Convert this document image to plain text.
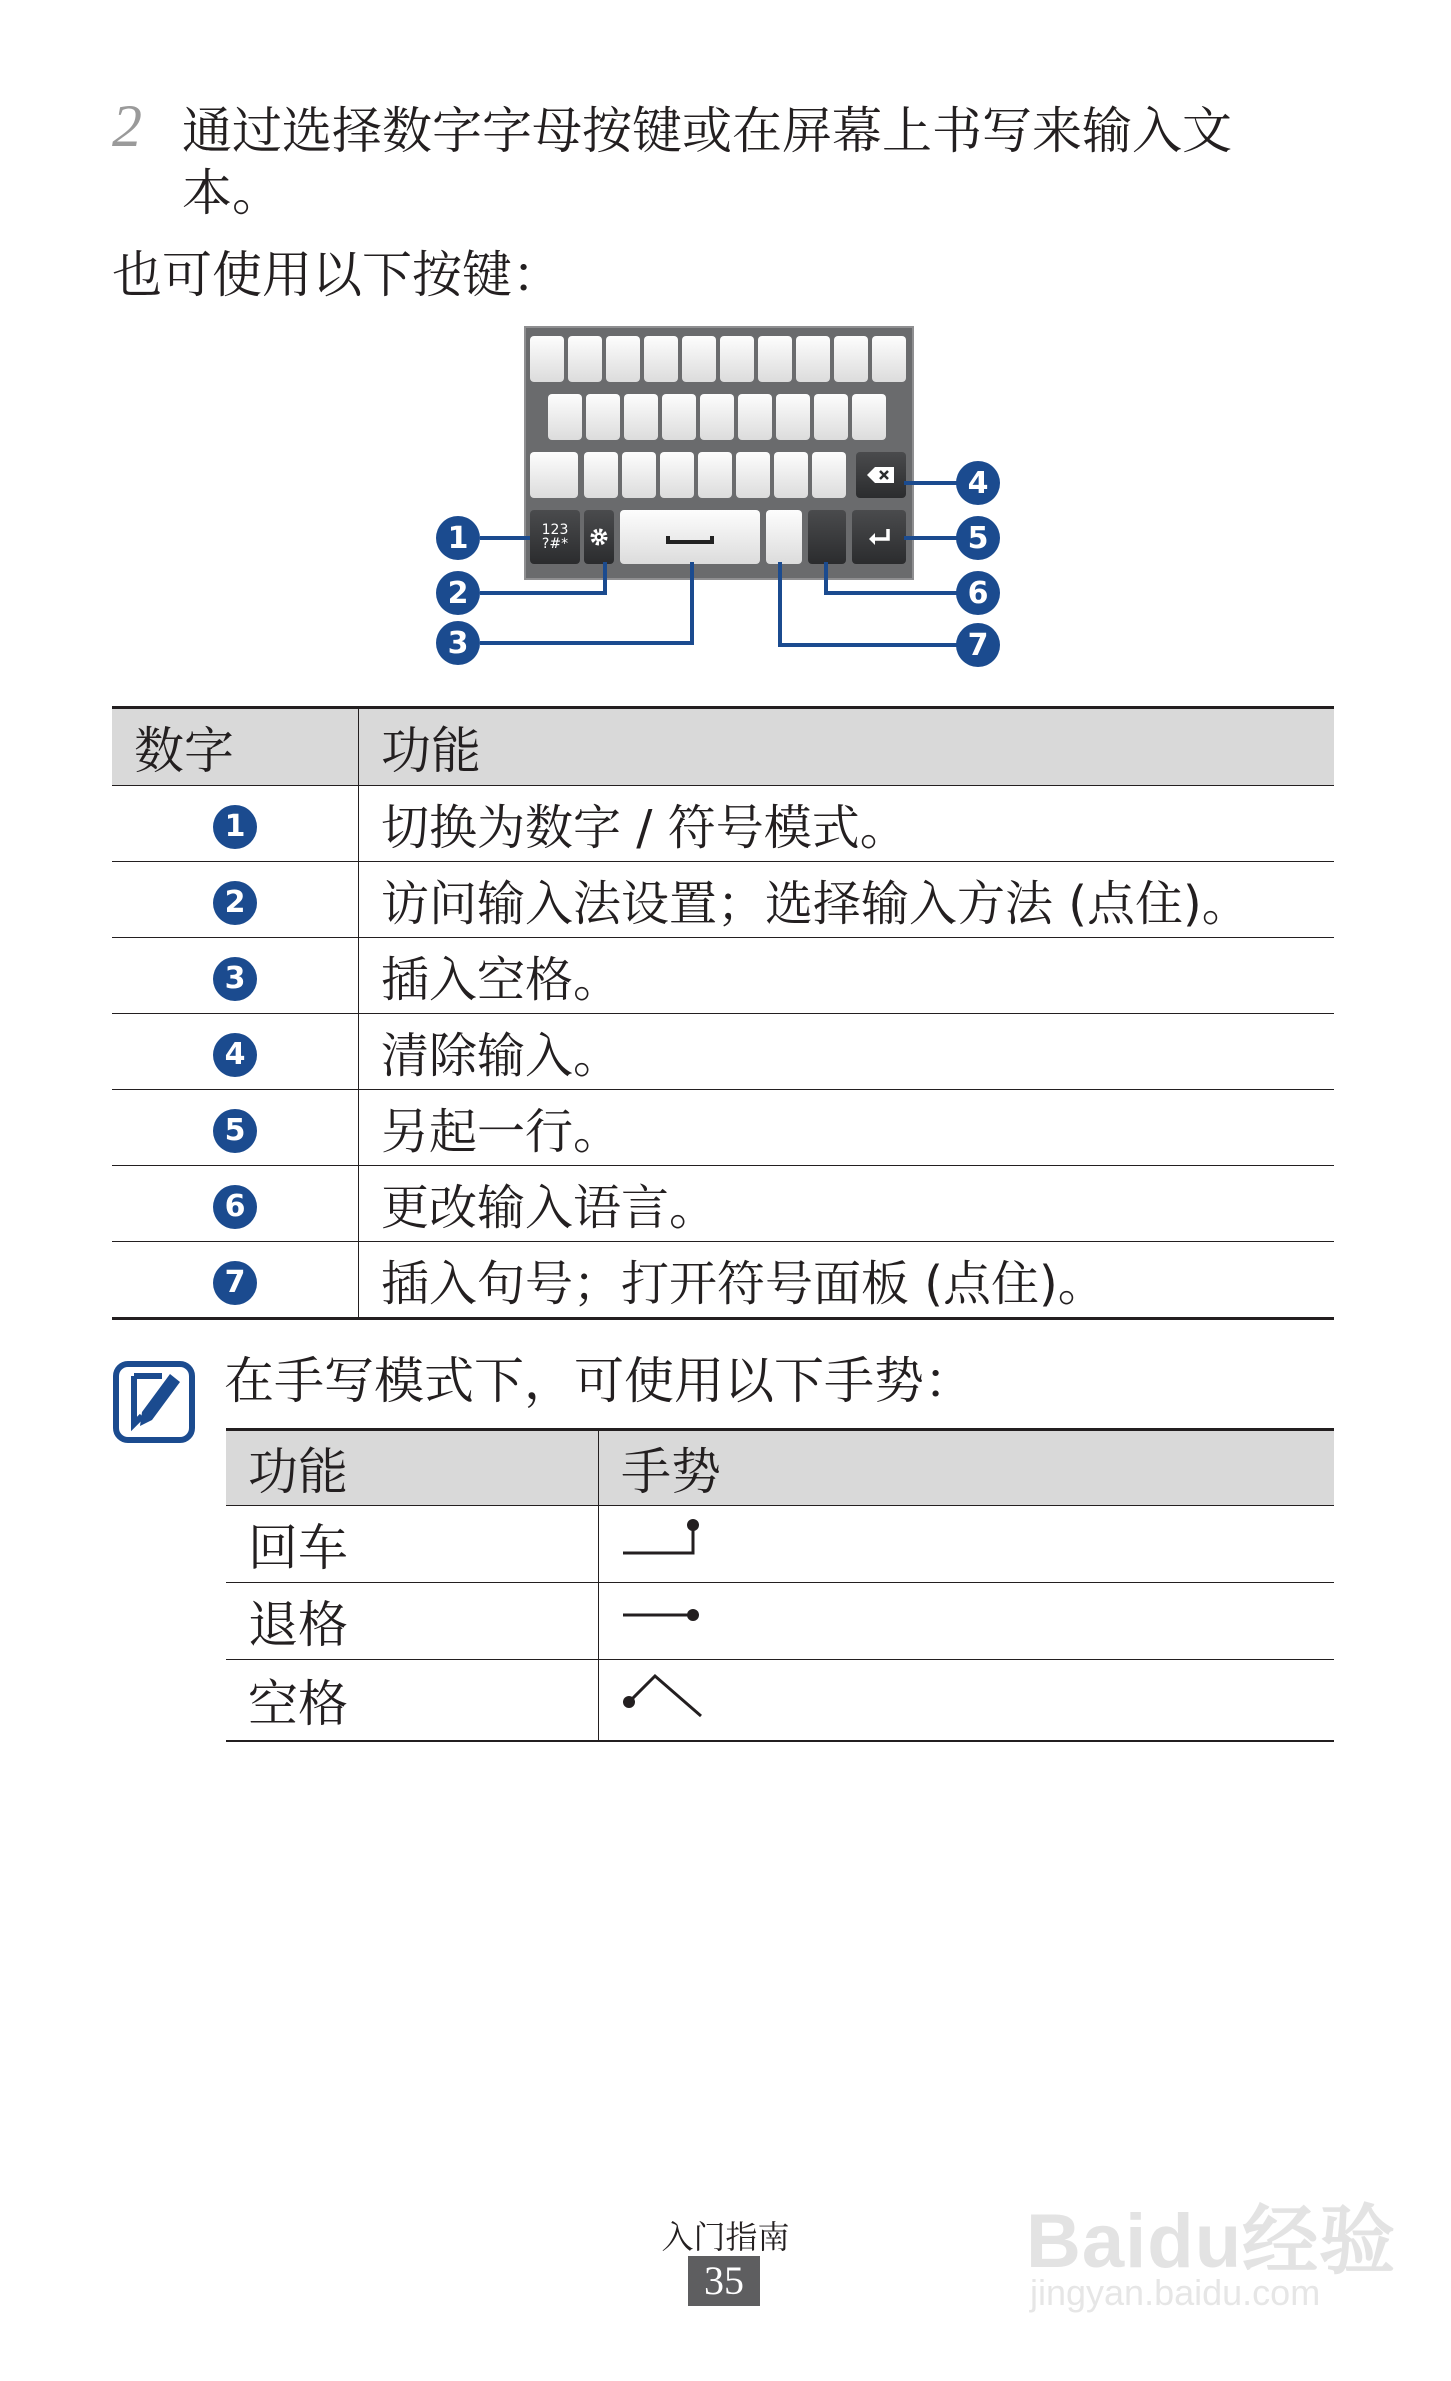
2 通过选择数字字母按键或在屏幕上书写来输入文本。
也可使用以下按键：
123
?#*
1
2
3
4
5
6
7
数字	功能
1	切换为数字 / 符号模式。
2	访问输入法设置；选择输入方法 (点住)。
3	插入空格。
4	清除输入。
5	另起一行。
6	更改输入语言。
7	插入句号；打开符号面板 (点住)。
在手写模式下，可使用以下手势：
功能	手势
回车	
退格	
空格	
入门指南
35	Baidu经验
jingyan.baidu.com
